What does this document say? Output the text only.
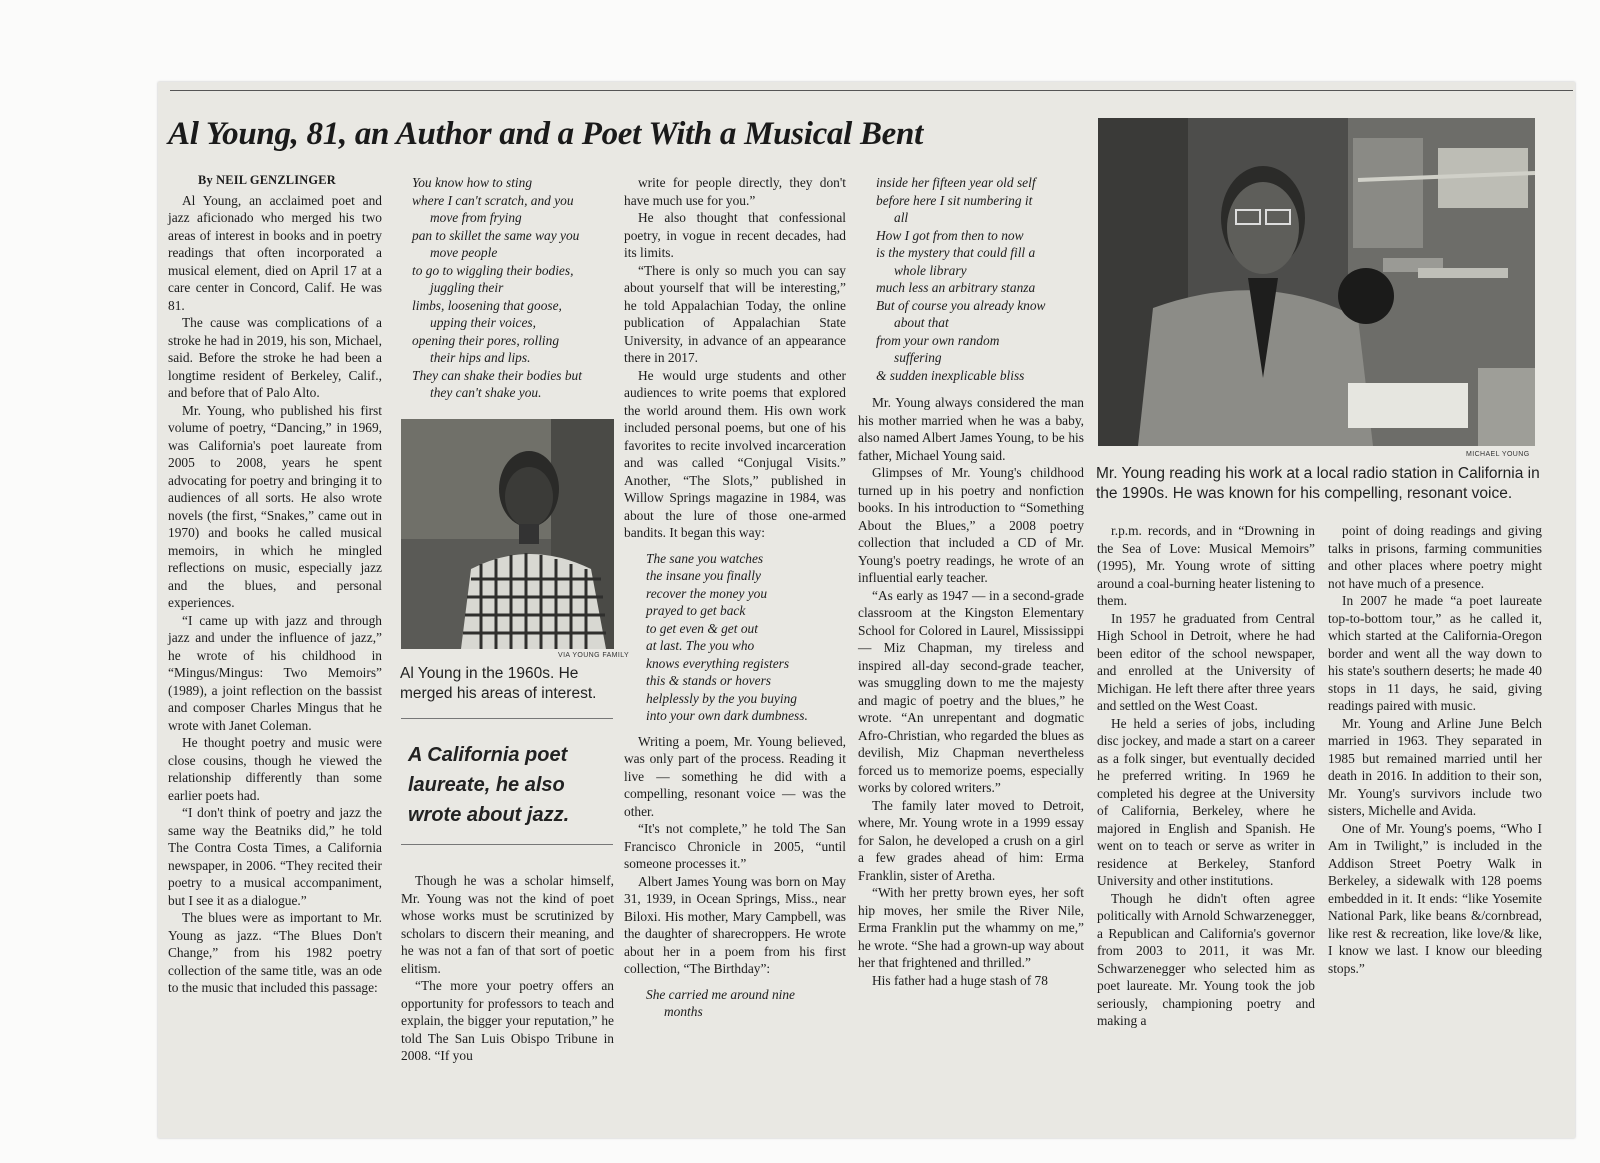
Al Young, 81, an Author and a Poet With a Musical Bent

By NEIL GENZLINGER

Al Young, an acclaimed poet and jazz aficionado who merged his two areas of interest in books and in poetry readings that often incorporated a musical element, died on April 17 at a care center in Concord, Calif. He was 81.

The cause was complications of a stroke he had in 2019, his son, Michael, said. Before the stroke he had been a longtime resident of Berkeley, Calif., and before that of Palo Alto.

Mr. Young, who published his first volume of poetry, “Dancing,” in 1969, was California's poet laureate from 2005 to 2008, years he spent advocating for poetry and bringing it to audiences of all sorts. He also wrote novels (the first, “Snakes,” came out in 1970) and books he called musical memoirs, in which he mingled reflections on music, especially jazz and the blues, and personal experiences.

“I came up with jazz and through jazz and under the influence of jazz,” he wrote of his childhood in “Mingus/Mingus: Two Memoirs” (1989), a joint reflection on the bassist and composer Charles Mingus that he wrote with Janet Coleman.

He thought poetry and music were close cousins, though he viewed the relationship differently than some earlier poets had.

“I don't think of poetry and jazz the same way the Beatniks did,” he told The Contra Costa Times, a California newspaper, in 2006. “They recited their poetry to a musical accompaniment, but I see it as a dialogue.”

The blues were as important to Mr. Young as jazz. “The Blues Don't Change,” from his 1982 poetry collection of the same title, was an ode to the music that included this passage:

You know how to sting
where I can't scratch, and you
move from frying
pan to skillet the same way you
move people
to go to wiggling their bodies,
juggling their
limbs, loosening that goose,
upping their voices,
opening their pores, rolling
their hips and lips.
They can shake their bodies but
they can't shake you.
VIA YOUNG FAMILY
Al Young in the 1960s. He merged his areas of interest.
A California poet laureate, he also wrote about jazz.

Though he was a scholar himself, Mr. Young was not the kind of poet whose works must be scrutinized by scholars to discern their meaning, and he was not a fan of that sort of poetic elitism.

“The more your poetry offers an opportunity for professors to teach and explain, the bigger your reputation,” he told The San Luis Obispo Tribune in 2008. “If you

write for people directly, they don't have much use for you.”

He also thought that confessional poetry, in vogue in recent decades, had its limits.

“There is only so much you can say about yourself that will be interesting,” he told Appalachian Today, the online publication of Appalachian State University, in advance of an appearance there in 2017.

He would urge students and other audiences to write poems that explored the world around them. His own work included personal poems, but one of his favorites to recite involved incarceration and was called “Conjugal Visits.” Another, “The Slots,” published in Willow Springs magazine in 1984, was about the lure of those one-armed bandits. It began this way:

The sane you watches
the insane you finally
recover the money you
prayed to get back
to get even & get out
at last. The you who
knows everything registers
this & stands or hovers
helplessly by the you buying
into your own dark dumbness.

Writing a poem, Mr. Young believed, was only part of the process. Reading it live — something he did with a compelling, resonant voice — was the other.

“It's not complete,” he told The San Francisco Chronicle in 2005, “until someone processes it.”

Albert James Young was born on May 31, 1939, in Ocean Springs, Miss., near Biloxi. His mother, Mary Campbell, was the daughter of sharecroppers. He wrote about her in a poem from his first collection, “The Birthday”:

She carried me around nine
months
inside her fifteen year old self
before here I sit numbering it
all
How I got from then to now
is the mystery that could fill a
whole library
much less an arbitrary stanza
But of course you already know
about that
from your own random
suffering
& sudden inexplicable bliss

Mr. Young always considered the man his mother married when he was a baby, also named Albert James Young, to be his father, Michael Young said.

Glimpses of Mr. Young's childhood turned up in his poetry and nonfiction books. In his introduction to “Something About the Blues,” a 2008 poetry collection that included a CD of Mr. Young's poetry readings, he wrote of an influential early teacher.

“As early as 1947 — in a second-grade classroom at the Kingston Elementary School for Colored in Laurel, Mississippi — Miz Chapman, my tireless and inspired all-day second-grade teacher, was smuggling down to me the majesty and magic of poetry and the blues,” he wrote. “An unrepentant and dogmatic Afro-Christian, who regarded the blues as devilish, Miz Chapman nevertheless forced us to memorize poems, especially works by colored writers.”

The family later moved to Detroit, where, Mr. Young wrote in a 1999 essay for Salon, he developed a crush on a girl a few grades ahead of him: Erma Franklin, sister of Aretha.

“With her pretty brown eyes, her soft hip moves, her smile the River Nile, Erma Franklin put the whammy on me,” he wrote. “She had a grown-up way about her that frightened and thrilled.”

His father had a huge stash of 78

MICHAEL YOUNG
Mr. Young reading his work at a local radio station in California in the 1990s. He was known for his compelling, resonant voice.

r.p.m. records, and in “Drowning in the Sea of Love: Musical Memoirs” (1995), Mr. Young wrote of sitting around a coal-burning heater listening to them.

In 1957 he graduated from Central High School in Detroit, where he had been editor of the school newspaper, and enrolled at the University of Michigan. He left there after three years and settled on the West Coast.

He held a series of jobs, including disc jockey, and made a start on a career as a folk singer, but eventually decided he preferred writing. In 1969 he completed his degree at the University of California, Berkeley, where he majored in English and Spanish. He went on to teach or serve as writer in residence at Berkeley, Stanford University and other institutions.

Though he didn't often agree politically with Arnold Schwarzenegger, a Republican and California's governor from 2003 to 2011, it was Mr. Schwarzenegger who selected him as poet laureate. Mr. Young took the job seriously, championing poetry and making a

point of doing readings and giving talks in prisons, farming communities and other places where poetry might not have much of a presence.

In 2007 he made “a poet laureate top-to-bottom tour,” as he called it, which started at the California-Oregon border and went all the way down to his state's southern deserts; he made 40 stops in 11 days, he said, giving readings paired with music.

Mr. Young and Arline June Belch married in 1963. They separated in 1985 but remained married until her death in 2016. In addition to their son, Mr. Young's survivors include two sisters, Michelle and Avida.

One of Mr. Young's poems, “Who I Am in Twilight,” is included in the Addison Street Poetry Walk in Berkeley, a sidewalk with 128 poems embedded in it. It ends: “like Yosemite National Park, like beans &/cornbread, like rest & recreation, like love/& like, I know we last. I know our bleeding stops.”
